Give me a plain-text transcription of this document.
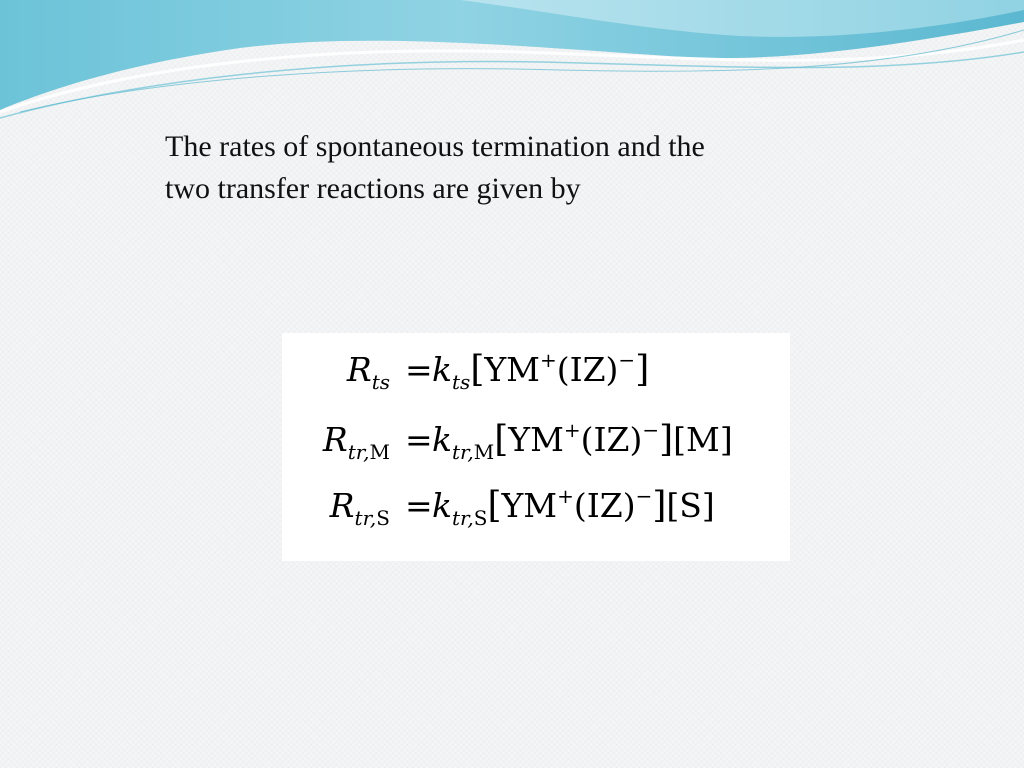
The rates of spontaneous termination and the
two transfer reactions are given by
R ts = k ts [ YM + (IZ) − ]
R tr,M = k tr,M [ YM + (IZ) − ] [M]
R tr,S = k tr,S [ YM + (IZ) − ] [S]
